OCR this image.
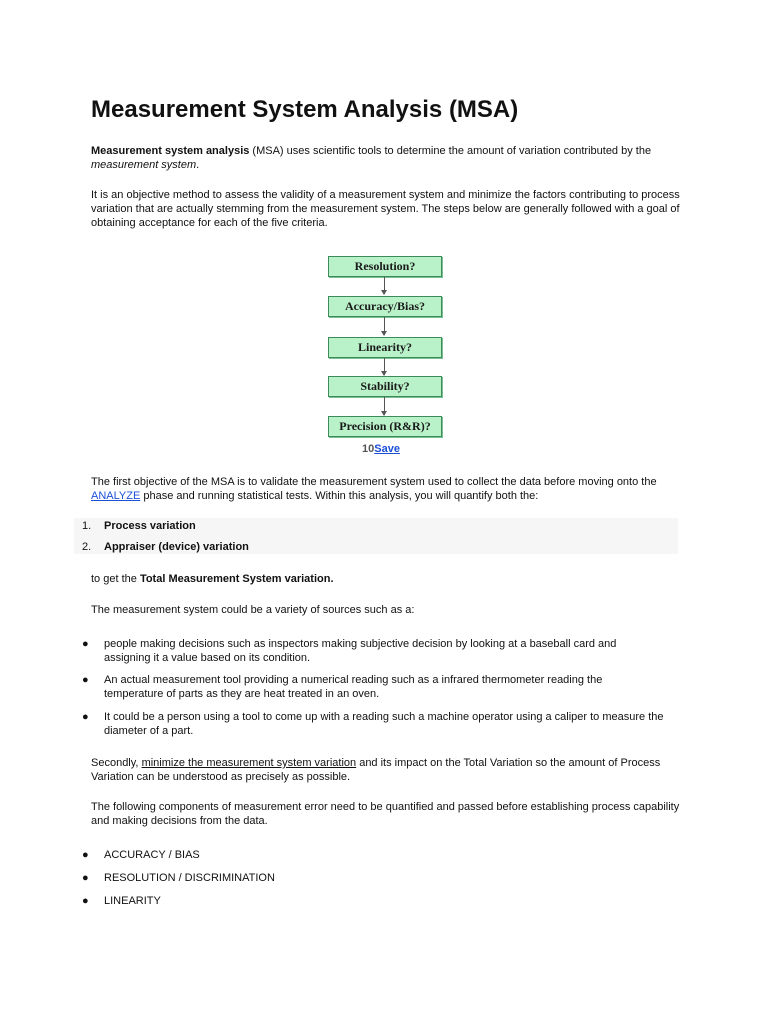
Measurement System Analysis (MSA)

Measurement system analysis (MSA) uses scientific tools to determine the amount of variation contributed by the measurement system.

It is an objective method to assess the validity of a measurement system and minimize the factors contributing to process variation that are actually stemming from the measurement system. The steps below are generally followed with a goal of obtaining acceptance for each of the five criteria.

Resolution?
Accuracy/Bias?
Linearity?
Stability?
Precision (R&R)?
10Save

The first objective of the MSA is to validate the measurement system used to collect the data before moving onto the ANALYZE phase and running statistical tests. Within this analysis, you will quantify both the:

1. Process variation
2. Appraiser (device) variation

to get the Total Measurement System variation.

The measurement system could be a variety of sources such as a:

● people making decisions such as inspectors making subjective decision by looking at a baseball card and assigning it a value based on its condition.
● An actual measurement tool providing a numerical reading such as a infrared thermometer reading the temperature of parts as they are heat treated in an oven.
● It could be a person using a tool to come up with a reading such a machine operator using a caliper to measure the diameter of a part.

Secondly, minimize the measurement system variation and its impact on the Total Variation so the amount of Process Variation can be understood as precisely as possible.

The following components of measurement error need to be quantified and passed before establishing process capability and making decisions from the data.

● ACCURACY / BIAS
● RESOLUTION / DISCRIMINATION
● LINEARITY
